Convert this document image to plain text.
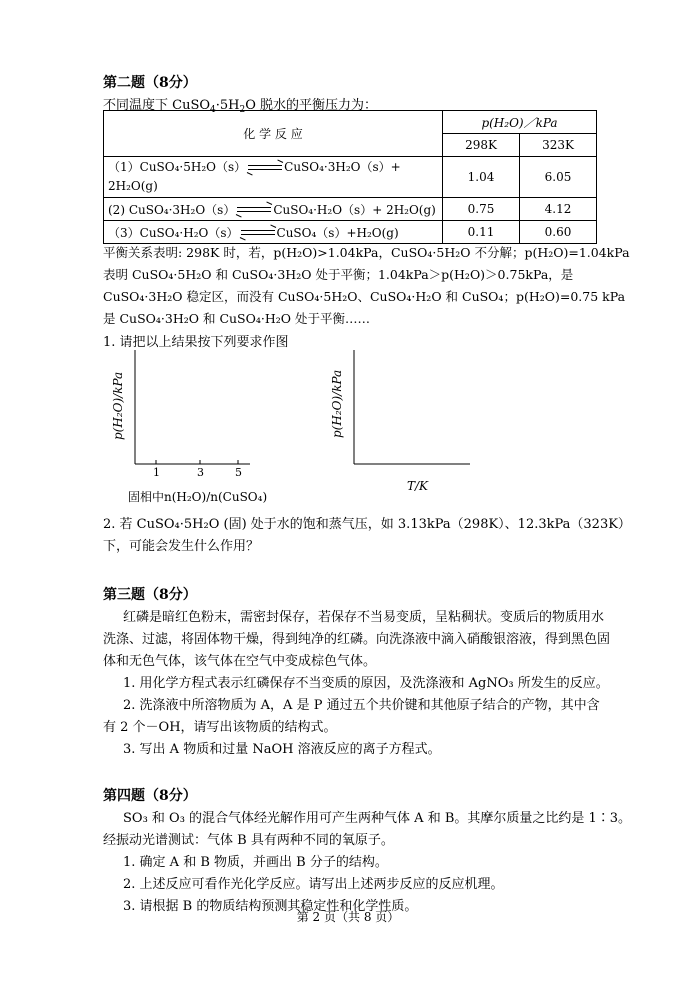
第二题（8分）
不同温度下 $CuSO_4\cdot 5H_2O$ 脱水的平衡压力为：
化 学 反 应	p(H₂O)／kPa	
	298K	323K
（1）CuSO₄·5H₂O（s） CuSO₄·3H₂O（s）+
2H₂O(g)	1.04	6.05
(2) CuSO₄·3H₂O（s） CuSO₄·H₂O（s）+ 2H₂O(g)	0.75	4.12
（3）CuSO₄·H₂O（s） CuSO₄（s）+H₂O(g)	0.11	0.60
平衡关系表明: 298K 时，若，p(H₂O)>1.04kPa，CuSO₄·5H₂O 不分解；p(H₂O)=1.04kPa
表明 CuSO₄·5H₂O 和 CuSO₄·3H₂O 处于平衡；1.04kPa＞p(H₂O)＞0.75kPa，是
CuSO₄·3H₂O 稳定区，而没有 CuSO₄·5H₂O、CuSO₄·H₂O 和 CuSO₄；p(H₂O)=0.75 kPa
是 CuSO₄·3H₂O 和 CuSO₄·H₂O 处于平衡……
1. 请把以上结果按下列要求作图
p(H₂O)/kPa
1	3	5
固相中n(H₂O)/n(CuSO₄)
p(H₂O)/kPa
T/K
2. 若 CuSO₄·5H₂O (固) 处于水的饱和蒸气压，如 3.13kPa（298K）、12.3kPa（323K）
下，可能会发生什么作用？
第三题（8分）
红磷是暗红色粉末，需密封保存，若保存不当易变质，呈粘稠状。变质后的物质用水
洗涤、过滤，将固体物干燥，得到纯净的红磷。向洗涤液中滴入硝酸银溶液，得到黑色固
体和无色气体，该气体在空气中变成棕色气体。
1. 用化学方程式表示红磷保存不当变质的原因，及洗涤液和 AgNO₃ 所发生的反应。
2. 洗涤液中所溶物质为 A，A 是 P 通过五个共价键和其他原子结合的产物，其中含
有 2 个－OH，请写出该物质的结构式。
3. 写出 A 物质和过量 NaOH 溶液反应的离子方程式。
第四题（8分）
SO₃ 和 O₃ 的混合气体经光解作用可产生两种气体 A 和 B。其摩尔质量之比约是 1∶3。
经振动光谱测试：气体 B 具有两种不同的氧原子。
1. 确定 A 和 B 物质，并画出 B 分子的结构。
2. 上述反应可看作光化学反应。请写出上述两步反应的反应机理。
3. 请根据 B 的物质结构预测其稳定性和化学性质。
第 2 页（共 8 页）
